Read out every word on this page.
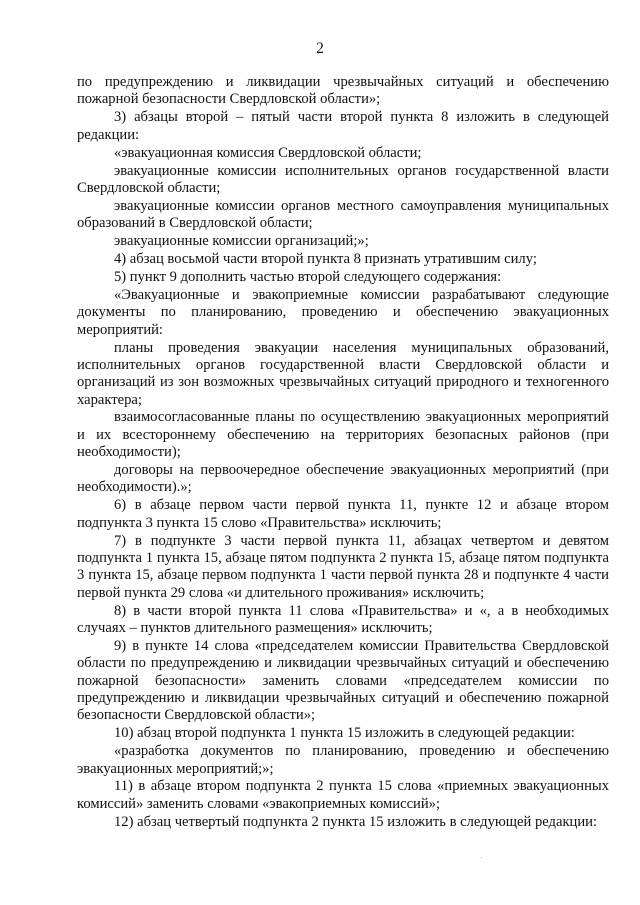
2

по предупреждению и ликвидации чрезвычайных ситуаций и обеспечению пожарной безопасности Свердловской области»;

3) абзацы второй – пятый части второй пункта 8 изложить в следующей редакции:

«эвакуационная комиссия Свердловской области;

эвакуационные комиссии исполнительных органов государственной власти Свердловской области;

эвакуационные комиссии органов местного самоуправления муниципальных образований в Свердловской области;

эвакуационные комиссии организаций;»;

4) абзац восьмой части второй пункта 8 признать утратившим силу;

5) пункт 9 дополнить частью второй следующего содержания:

«Эвакуационные и эвакоприемные комиссии разрабатывают следующие документы по планированию, проведению и обеспечению эвакуационных мероприятий:

планы проведения эвакуации населения муниципальных образований, исполнительных органов государственной власти Свердловской области и организаций из зон возможных чрезвычайных ситуаций природного и техногенного характера;

взаимосогласованные планы по осуществлению эвакуационных мероприятий и их всестороннему обеспечению на территориях безопасных районов (при необходимости);

договоры на первоочередное обеспечение эвакуационных мероприятий (при необходимости).»;

6) в абзаце первом части первой пункта 11, пункте 12 и абзаце втором подпункта 3 пункта 15 слово «Правительства» исключить;

7) в подпункте 3 части первой пункта 11, абзацах четвертом и девятом подпункта 1 пункта 15, абзаце пятом подпункта 2 пункта 15, абзаце пятом подпункта 3 пункта 15, абзаце первом подпункта 1 части первой пункта 28 и подпункте 4 части первой пункта 29 слова «и длительного проживания» исключить;

8) в части второй пункта 11 слова «Правительства» и «, а в необходимых случаях – пунктов длительного размещения» исключить;

9) в пункте 14 слова «председателем комиссии Правительства Свердловской области по предупреждению и ликвидации чрезвычайных ситуаций и обеспечению пожарной безопасности» заменить словами «председателем комиссии по предупреждению и ликвидации чрезвычайных ситуаций и обеспечению пожарной безопасности Свердловской области»;

10) абзац второй подпункта 1 пункта 15 изложить в следующей редакции:

«разработка документов по планированию, проведению и обеспечению эвакуационных мероприятий;»;

11) в абзаце втором подпункта 2 пункта 15 слова «приемных эвакуационных комиссий» заменить словами «эвакоприемных комиссий»;

12) абзац четвертый подпункта 2 пункта 15 изложить в следующей редакции:
